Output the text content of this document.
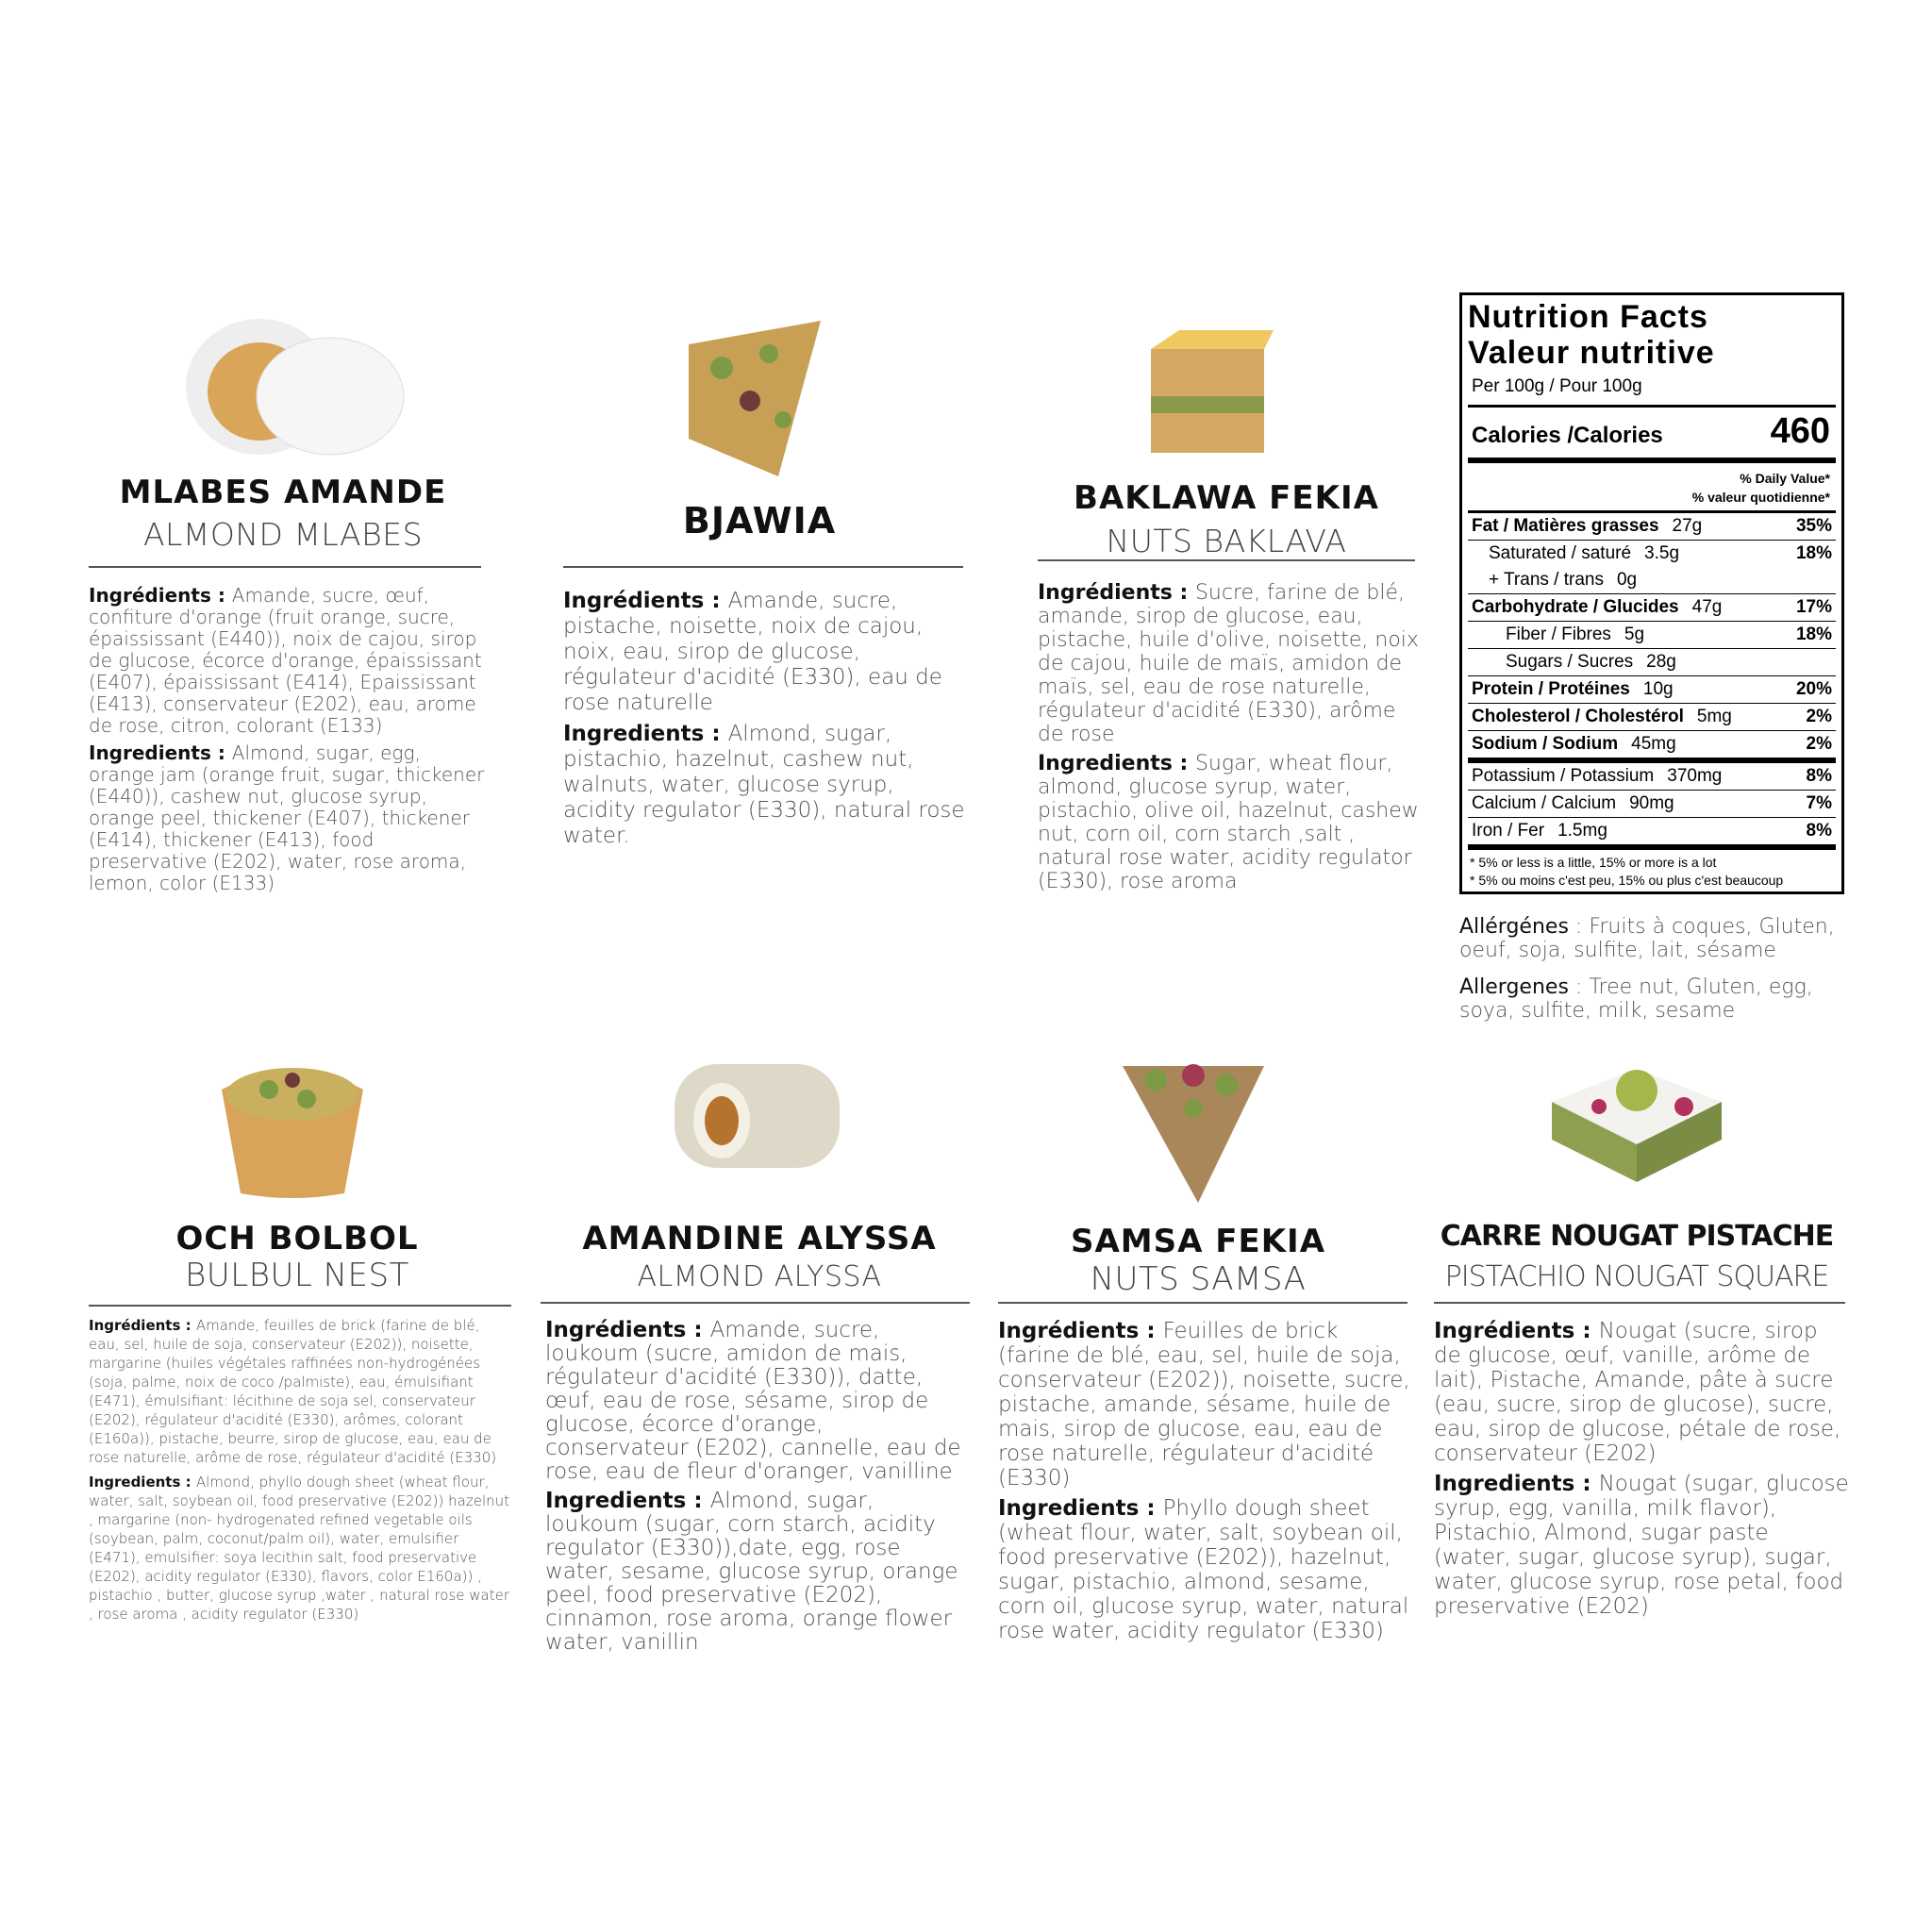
MLABES AMANDE
ALMOND MLABES

Ingrédients : Amande, sucre, œuf, confiture d'orange (fruit orange, sucre, épaississant (E440)), noix de cajou, sirop de glucose, écorce d'orange, épaississant (E407), épaississant (E414), Epaississant (E413), conservateur (E202), eau, arome de rose, citron, colorant (E133)

Ingredients : Almond, sugar, egg, orange jam (orange fruit, sugar, thickener (E440)), cashew nut, glucose syrup, orange peel, thickener (E407), thickener (E414), thickener (E413), food preservative (E202), water, rose aroma, lemon, color (E133)

BJAWIA

Ingrédients : Amande, sucre, pistache, noisette, noix de cajou, noix, eau, sirop de glucose, régulateur d'acidité (E330), eau de rose naturelle

Ingredients : Almond, sugar, pistachio, hazelnut, cashew nut, walnuts, water, glucose syrup, acidity regulator (E330), natural rose water.

BAKLAWA FEKIA
NUTS BAKLAVA

Ingrédients : Sucre, farine de blé, amande, sirop de glucose, eau, pistache, huile d'olive, noisette, noix de cajou, huile de maïs, amidon de maïs, sel, eau de rose naturelle, régulateur d'acidité (E330), arôme de rose

Ingredients : Sugar, wheat flour, almond, glucose syrup, water, pistachio, olive oil, hazelnut, cashew nut, corn oil, corn starch ,salt , natural rose water, acidity regulator (E330), rose aroma

Nutrition Facts
Valeur nutritive
Per 100g / Pour 100g
Calories /Calories	460
% Daily Value*
% valeur quotidienne*
Fat / Matières grasses 27g	35%
Saturated / saturé 3.5g	18%
+ Trans / trans 0g
Carbohydrate / Glucides 47g	17%
Fiber / Fibres 5g	18%
Sugars / Sucres 28g
Protein / Protéines 10g	20%
Cholesterol / Cholestérol 5mg	2%
Sodium / Sodium 45mg	2%
Potassium / Potassium 370mg	8%
Calcium / Calcium 90mg	7%
Iron / Fer 1.5mg	8%
* 5% or less is a little, 15% or more is a lot
* 5% ou moins c'est peu, 15% ou plus c'est beaucoup

Allérgénes : Fruits à coques, Gluten, oeuf, soja, sulfite, lait, sésame

Allergenes : Tree nut, Gluten, egg, soya, sulfite, milk, sesame

OCH BOLBOL
BULBUL NEST

Ingrédients : Amande, feuilles de brick (farine de blé, eau, sel, huile de soja, conservateur (E202)), noisette, margarine (huiles végétales raffinées non-hydrogénées (soja, palme, noix de coco /palmiste), eau, émulsifiant (E471), émulsifiant: lécithine de soja sel, conservateur (E202), régulateur d'acidité (E330), arômes, colorant (E160a)), pistache, beurre, sirop de glucose, eau, eau de rose naturelle, arôme de rose, régulateur d'acidité (E330)

Ingredients : Almond, phyllo dough sheet (wheat flour, water, salt, soybean oil, food preservative (E202)) hazelnut , margarine (non- hydrogenated refined vegetable oils (soybean, palm, coconut/palm oil), water, emulsifier (E471), emulsifier: soya lecithin salt, food preservative (E202), acidity regulator (E330), flavors, color E160a)) , pistachio , butter, glucose syrup ,water , natural rose water , rose aroma , acidity regulator (E330)

AMANDINE ALYSSA
ALMOND ALYSSA

Ingrédients : Amande, sucre, loukoum (sucre, amidon de mais, régulateur d'acidité (E330)), datte, œuf, eau de rose, sésame, sirop de glucose, écorce d'orange, conservateur (E202), cannelle, eau de rose, eau de fleur d'oranger, vanilline

Ingredients : Almond, sugar, loukoum (sugar, corn starch, acidity regulator (E330)),date, egg, rose water, sesame, glucose syrup, orange peel, food preservative (E202), cinnamon, rose aroma, orange flower water, vanillin

SAMSA FEKIA
NUTS SAMSA

Ingrédients : Feuilles de brick (farine de blé, eau, sel, huile de soja, conservateur (E202)), noisette, sucre, pistache, amande, sésame, huile de mais, sirop de glucose, eau, eau de rose naturelle, régulateur d'acidité (E330)

Ingredients : Phyllo dough sheet (wheat flour, water, salt, soybean oil, food preservative (E202)), hazelnut, sugar, pistachio, almond, sesame, corn oil, glucose syrup, water, natural rose water, acidity regulator (E330)

CARRE NOUGAT PISTACHE
PISTACHIO NOUGAT SQUARE

Ingrédients : Nougat (sucre, sirop de glucose, œuf, vanille, arôme de lait), Pistache, Amande, pâte à sucre (eau, sucre, sirop de glucose), sucre, eau, sirop de glucose, pétale de rose, conservateur (E202)

Ingredients : Nougat (sugar, glucose syrup, egg, vanilla, milk flavor), Pistachio, Almond, sugar paste (water, sugar, glucose syrup), sugar, water, glucose syrup, rose petal, food preservative (E202)
